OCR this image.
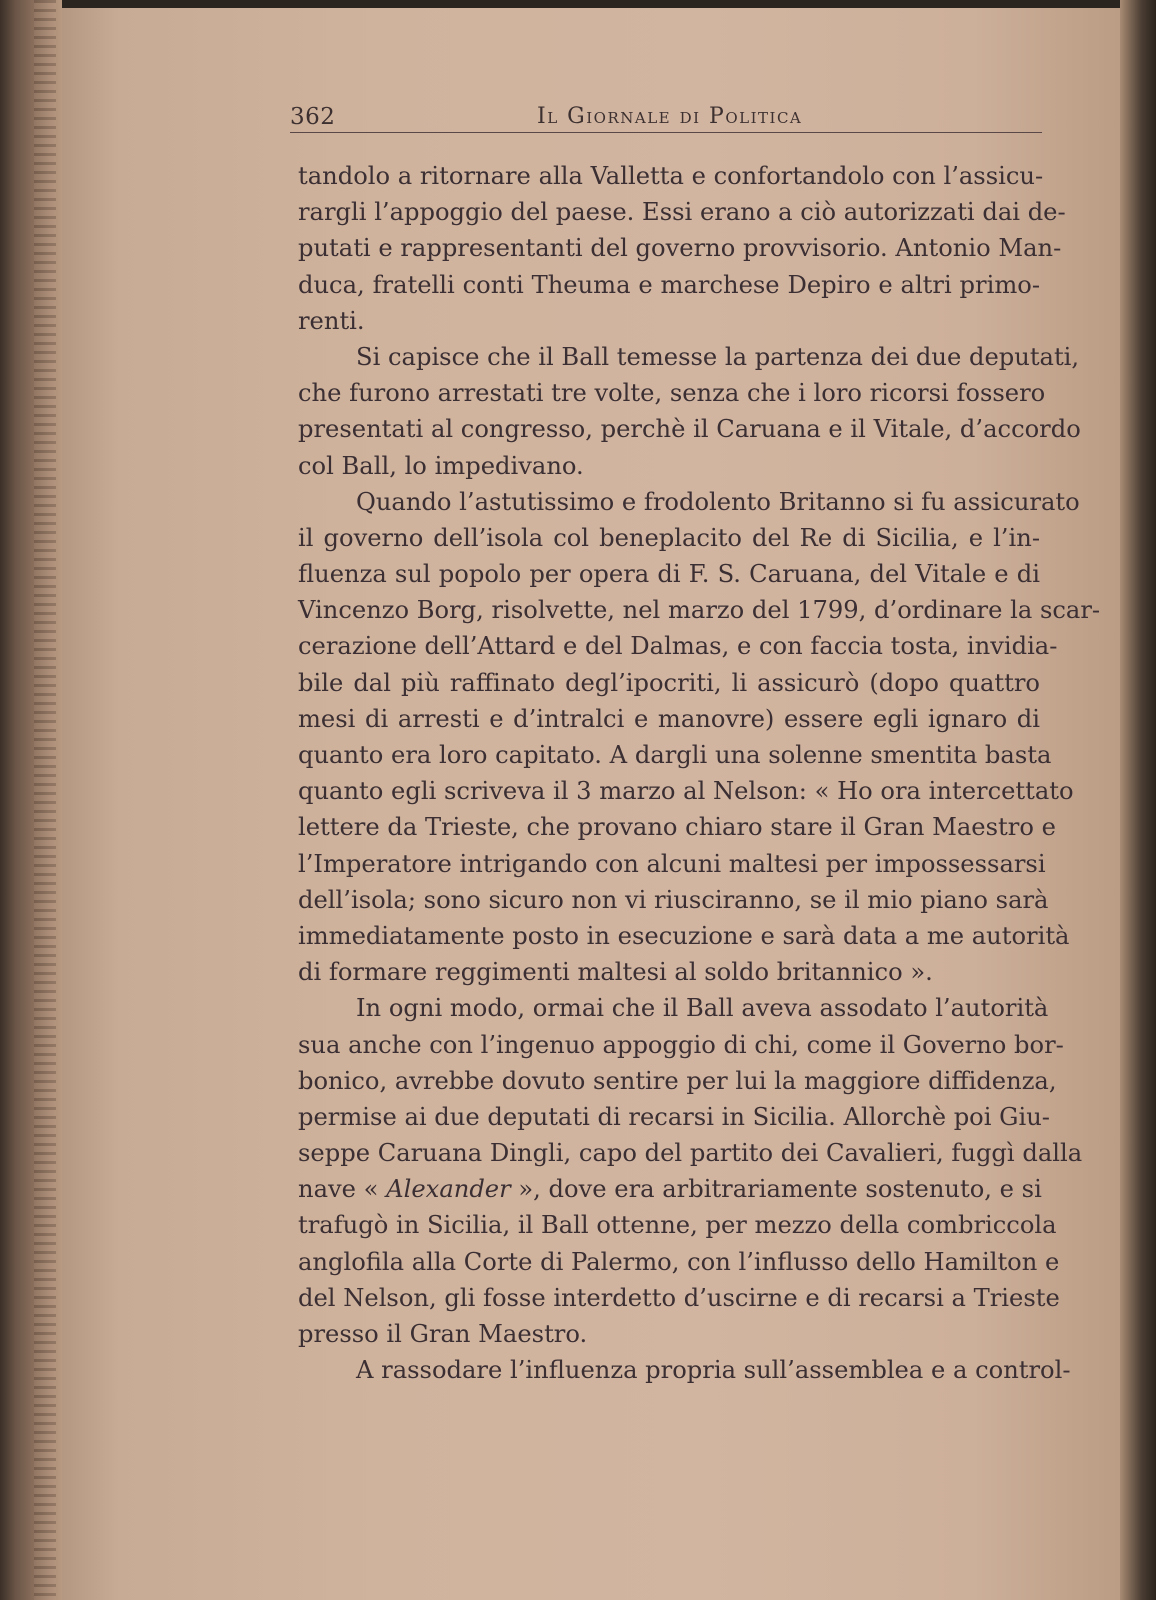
362	Il Giornale di Politica
tandolo a ritornare alla Valletta e confortandolo con l’assicu-
rargli l’appoggio del paese. Essi erano a ciò autorizzati dai de-
putati e rappresentanti del governo provvisorio. Antonio Man-
duca, fratelli conti Theuma e marchese Depiro e altri primo-
renti.
Si capisce che il Ball temesse la partenza dei due deputati,
che furono arrestati tre volte, senza che i loro ricorsi fossero
presentati al congresso, perchè il Caruana e il Vitale, d’accordo
col Ball, lo impedivano.
Quando l’astutissimo e frodolento Britanno si fu assicurato
il governo dell’isola col beneplacito del Re di Sicilia, e l’in-
fluenza sul popolo per opera di F. S. Caruana, del Vitale e di
Vincenzo Borg, risolvette, nel marzo del 1799, d’ordinare la scar-
cerazione dell’Attard e del Dalmas, e con faccia tosta, invidia-
bile dal più raffinato degl’ipocriti, li assicurò (dopo quattro
mesi di arresti e d’intralci e manovre) essere egli ignaro di
quanto era loro capitato. A dargli una solenne smentita basta
quanto egli scriveva il 3 marzo al Nelson: « Ho ora intercettato
lettere da Trieste, che provano chiaro stare il Gran Maestro e
l’Imperatore intrigando con alcuni maltesi per impossessarsi
dell’isola; sono sicuro non vi riusciranno, se il mio piano sarà
immediatamente posto in esecuzione e sarà data a me autorità
di formare reggimenti maltesi al soldo britannico ».
In ogni modo, ormai che il Ball aveva assodato l’autorità
sua anche con l’ingenuo appoggio di chi, come il Governo bor-
bonico, avrebbe dovuto sentire per lui la maggiore diffidenza,
permise ai due deputati di recarsi in Sicilia. Allorchè poi Giu-
seppe Caruana Dingli, capo del partito dei Cavalieri, fuggì dalla
nave « Alexander », dove era arbitrariamente sostenuto, e si
trafugò in Sicilia, il Ball ottenne, per mezzo della combriccola
anglofila alla Corte di Palermo, con l’influsso dello Hamilton e
del Nelson, gli fosse interdetto d’uscirne e di recarsi a Trieste
presso il Gran Maestro.
A rassodare l’influenza propria sull’assemblea e a control-
